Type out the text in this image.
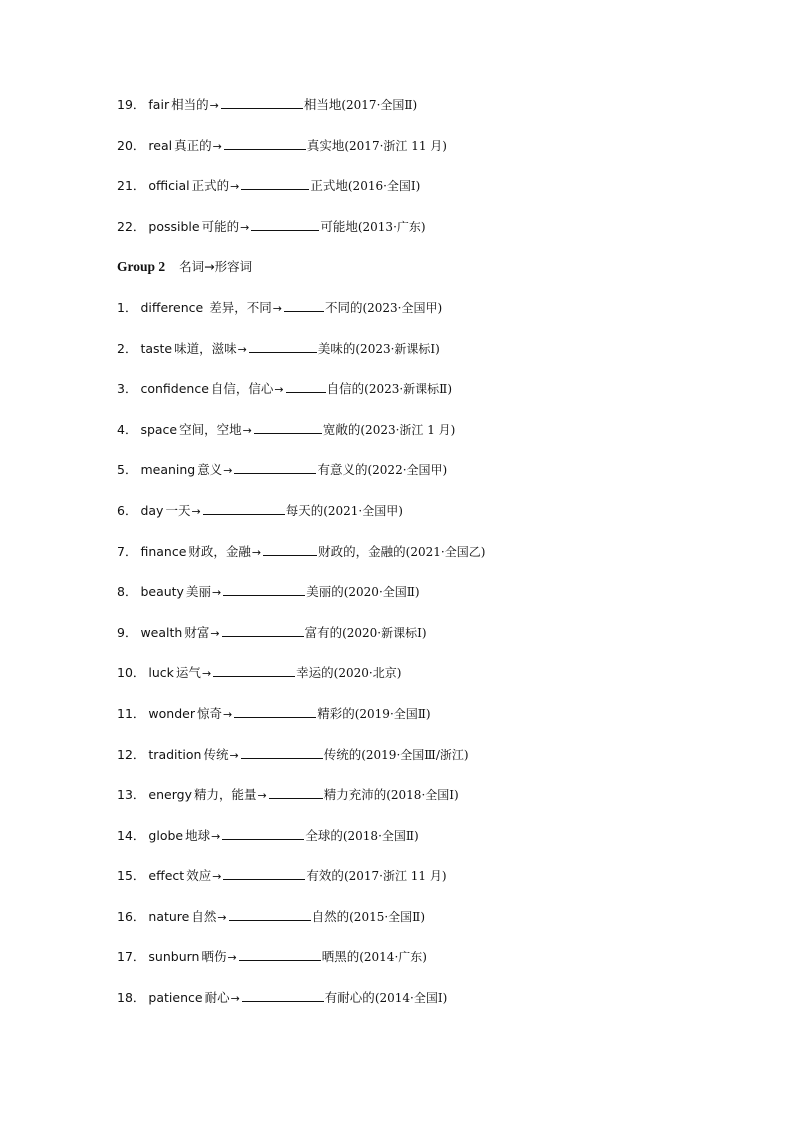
19． fair 相当的→	相当地(2017·全国Ⅱ)
20． real 真正的→	真实地(2017·浙江 11 月)
21． official 正式的→	正式地(2016·全国Ⅰ)
22． possible 可能的→	可能地(2013·广东)
Group 2 名词→形容词
1． difference 差异，不同→	不同的(2023·全国甲)
2． taste 味道，滋味→	美味的(2023·新课标Ⅰ)
3． confidence 自信，信心→	自信的(2023·新课标Ⅱ)
4． space 空间，空地→	宽敞的(2023·浙江 1 月)
5． meaning 意义→	有意义的(2022·全国甲)
6． day 一天→	每天的(2021·全国甲)
7． finance 财政，金融→	财政的，金融的(2021·全国乙)
8． beauty 美丽→	美丽的(2020·全国Ⅱ)
9． wealth 财富→	富有的(2020·新课标Ⅰ)
10． luck 运气→	幸运的(2020·北京)
11． wonder 惊奇→	精彩的(2019·全国Ⅱ)
12． tradition 传统→	传统的(2019·全国Ⅲ/浙江)
13． energy 精力，能量→	精力充沛的(2018·全国Ⅰ)
14． globe 地球→	全球的(2018·全国Ⅱ)
15． effect 效应→	有效的(2017·浙江 11 月)
16． nature 自然→	自然的(2015·全国Ⅱ)
17． sunburn 晒伤→	晒黑的(2014·广东)
18． patience 耐心→	有耐心的(2014·全国Ⅰ)
